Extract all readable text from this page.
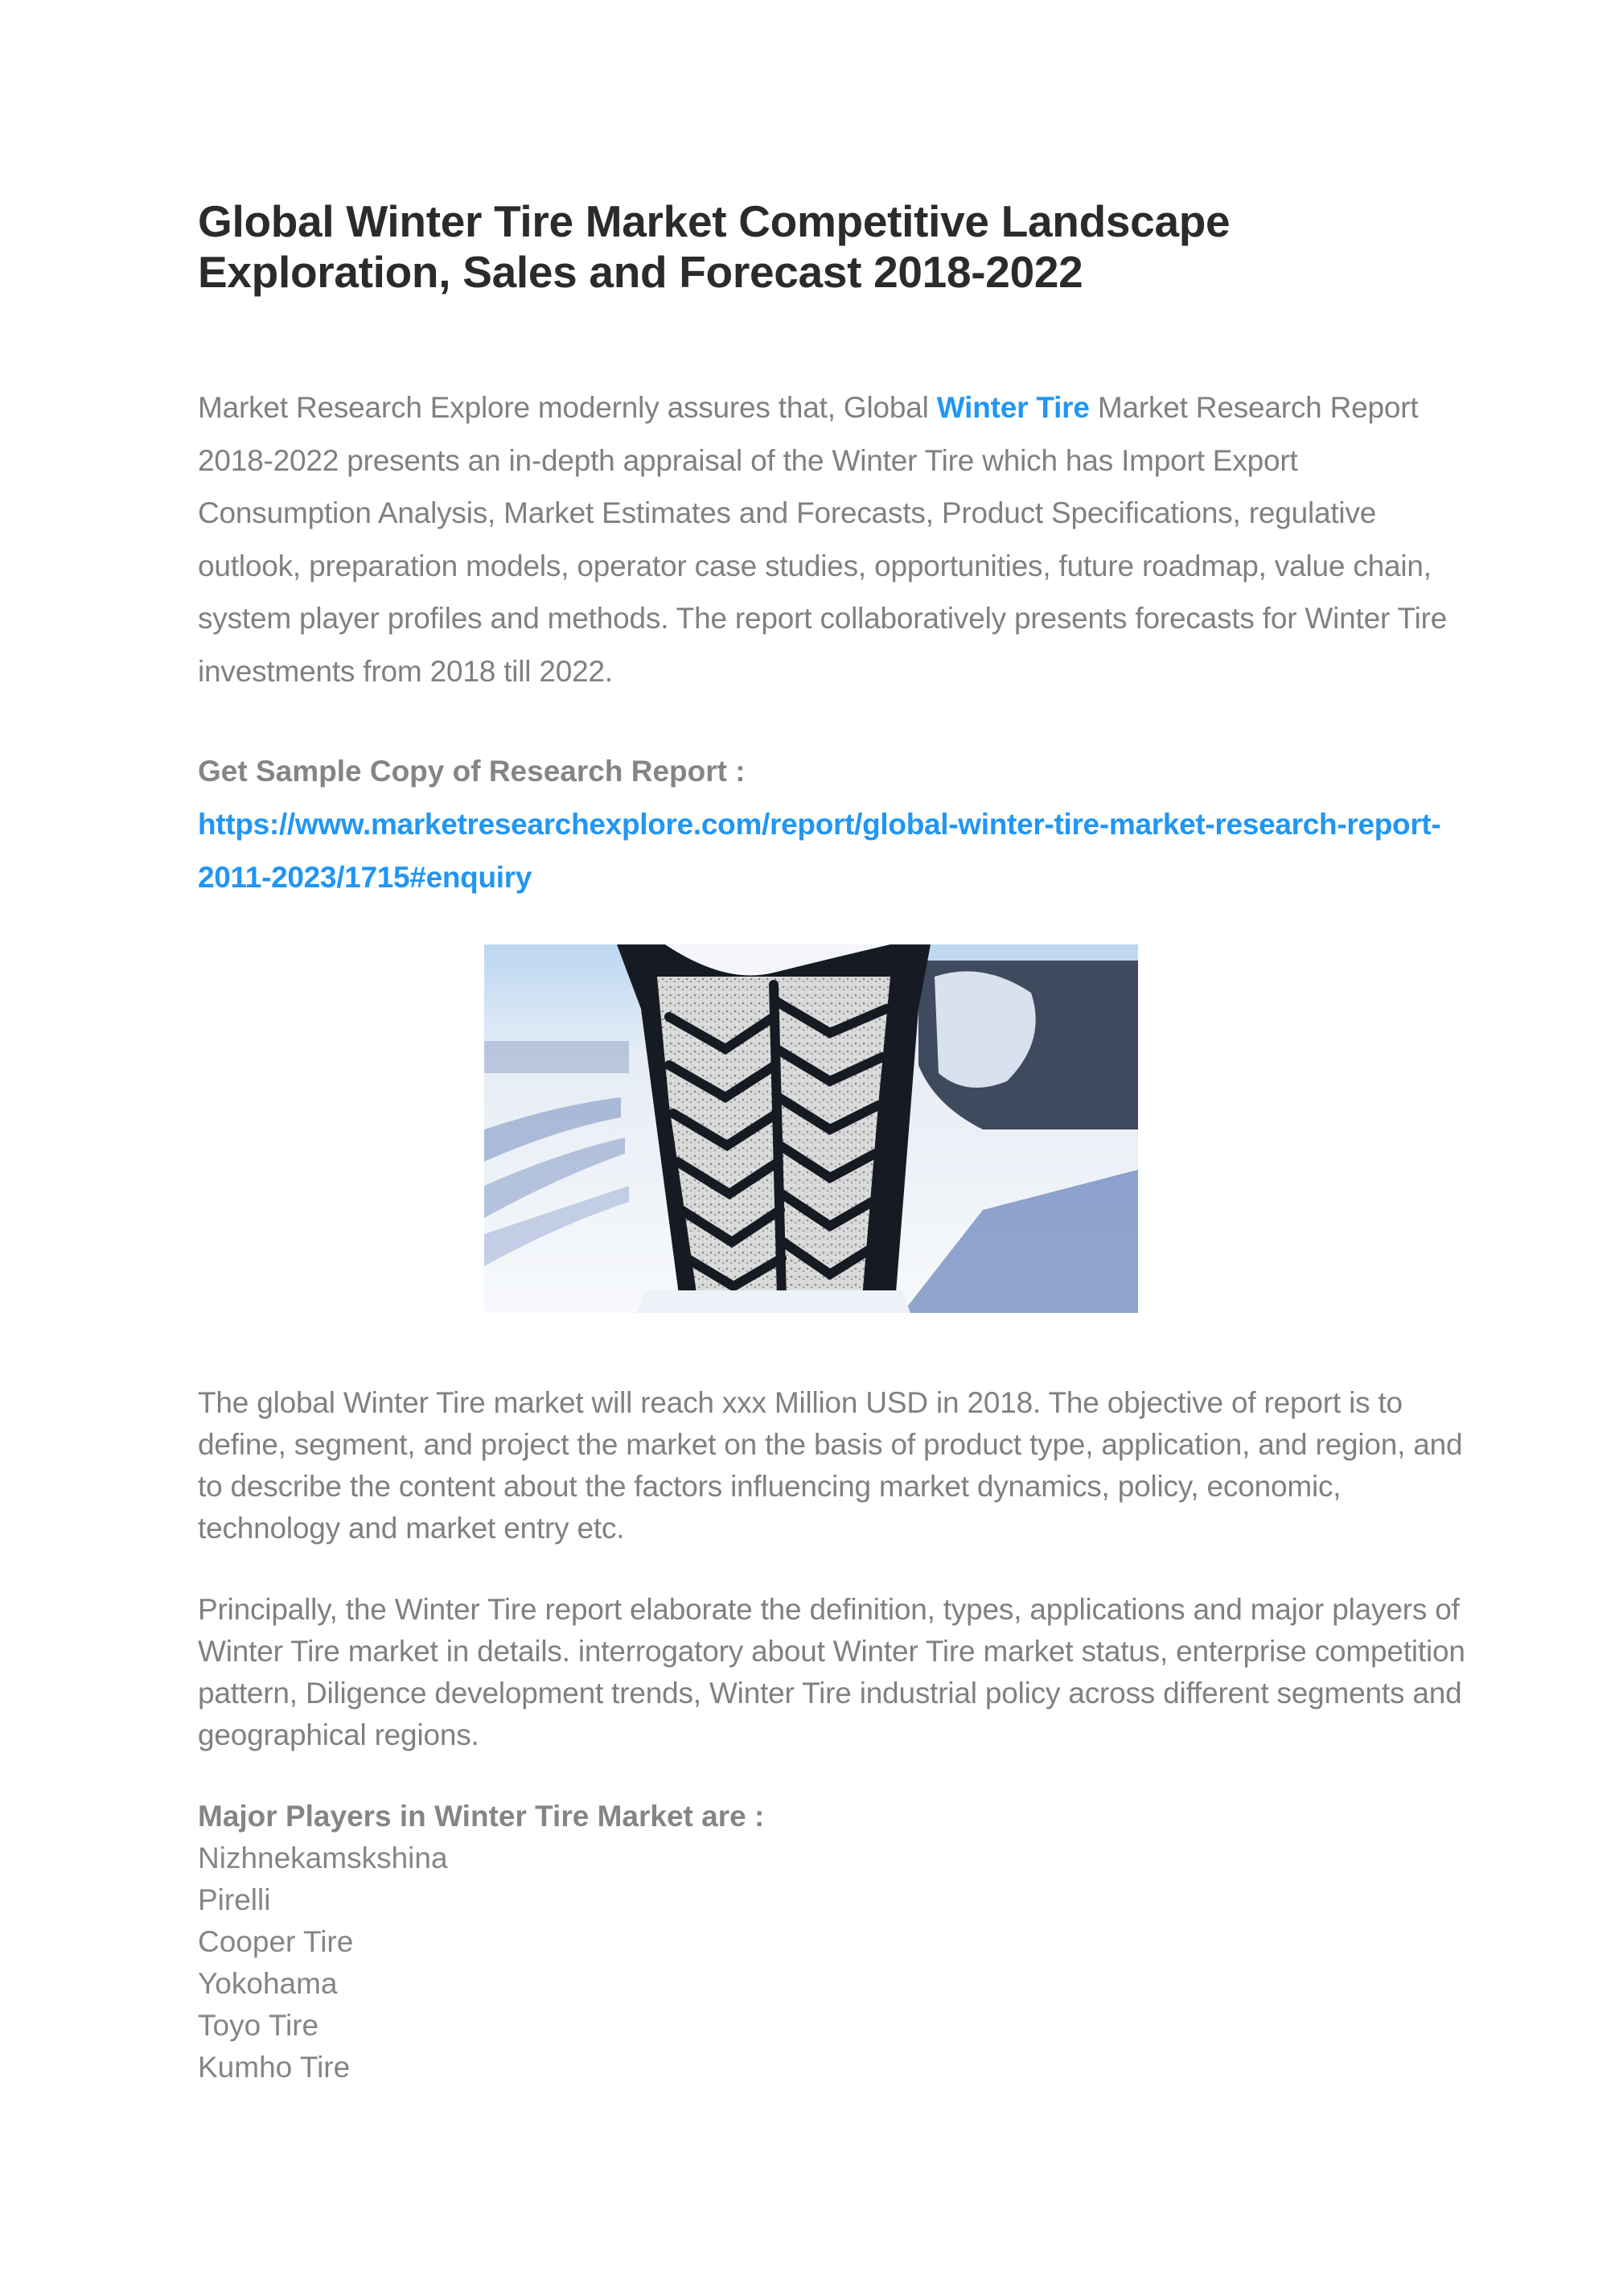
Global Winter Tire Market Competitive Landscape Exploration, Sales and Forecast 2018-2022

Market Research Explore modernly assures that, Global Winter Tire Market Research Report 2018-2022 presents an in-depth appraisal of the Winter Tire which has Import Export Consumption Analysis, Market Estimates and Forecasts, Product Specifications, regulative outlook, preparation models, operator case studies, opportunities, future roadmap, value chain, system player profiles and methods. The report collaboratively presents forecasts for Winter Tire investments from 2018 till 2022.

Get Sample Copy of Research Report :

https://www.marketresearchexplore.com/report/global-winter-tire-market-research-report-2011-2023/1715#enquiry

The global Winter Tire market will reach xxx Million USD in 2018. The objective of report is to define, segment, and project the market on the basis of product type, application, and region, and to describe the content about the factors influencing market dynamics, policy, economic, technology and market entry etc.

Principally, the Winter Tire report elaborate the definition, types, applications and major players of Winter Tire market in details. interrogatory about Winter Tire market status, enterprise competition pattern, Diligence development trends, Winter Tire industrial policy across different segments and geographical regions.

Major Players in Winter Tire Market are :

Nizhnekamskshina
Pirelli
Cooper Tire
Yokohama
Toyo Tire
Kumho Tire
